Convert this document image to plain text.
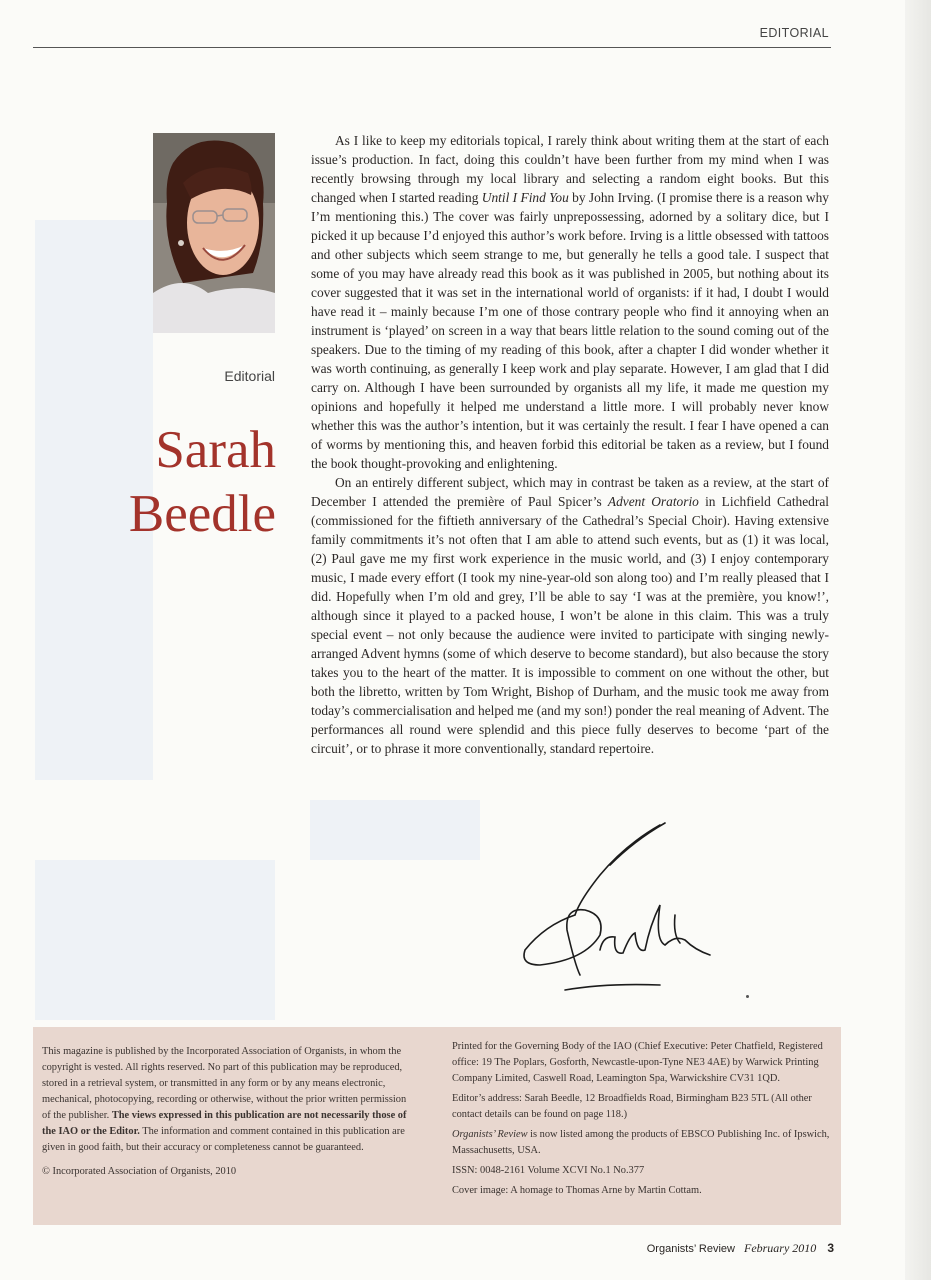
EDITORIAL
Editorial
Sarah
Beedle

As I like to keep my editorials topical, I rarely think about writing them at the start of each issue’s production. In fact, doing this couldn’t have been further from my mind when I was recently browsing through my local library and selecting a random eight books. But this changed when I started reading Until I Find You by John Irving. (I promise there is a reason why I’m mentioning this.) The cover was fairly unprepossessing, adorned by a solitary dice, but I picked it up because I’d enjoyed this author’s work before. Irving is a little obsessed with tattoos and other subjects which seem strange to me, but generally he tells a good tale. I suspect that some of you may have already read this book as it was published in 2005, but nothing about its cover suggested that it was set in the international world of organists: if it had, I doubt I would have read it – mainly because I’m one of those contrary people who find it annoying when an instrument is ‘played’ on screen in a way that bears little relation to the sound coming out of the speakers. Due to the timing of my reading of this book, after a chapter I did wonder whether it was worth continuing, as generally I keep work and play separate. However, I am glad that I did carry on. Although I have been surrounded by organists all my life, it made me question my opinions and hopefully it helped me understand a little more. I will probably never know whether this was the author’s intention, but it was certainly the result. I fear I have opened a can of worms by mentioning this, and heaven forbid this editorial be taken as a review, but I found the book thought-provoking and enlightening.

On an entirely different subject, which may in contrast be taken as a review, at the start of December I attended the première of Paul Spicer’s Advent Oratorio in Lichfield Cathedral (commissioned for the fiftieth anniversary of the Cathedral’s Special Choir). Having extensive family commitments it’s not often that I am able to attend such events, but as (1) it was local, (2) Paul gave me my first work experience in the music world, and (3) I enjoy contemporary music, I made every effort (I took my nine-year-old son along too) and I’m really pleased that I did. Hopefully when I’m old and grey, I’ll be able to say ‘I was at the première, you know!’, although since it played to a packed house, I won’t be alone in this claim. This was a truly special event – not only because the audience were invited to participate with singing newly-arranged Advent hymns (some of which deserve to become standard), but also because the story takes you to the heart of the matter. It is impossible to comment on one without the other, but both the libretto, written by Tom Wright, Bishop of Durham, and the music took me away from today’s commercialisation and helped me (and my son!) ponder the real meaning of Advent. The performances all round were splendid and this piece fully deserves to become ‘part of the circuit’, or to phrase it more conventionally, standard repertoire.

This magazine is published by the Incorporated Association of Organists, in whom the copyright is vested. All rights reserved. No part of this publication may be reproduced, stored in a retrieval system, or transmitted in any form or by any means electronic, mechanical, photocopying, recording or otherwise, without the prior written permission of the publisher. The views expressed in this publication are not necessarily those of the IAO or the Editor. The information and comment contained in this publication are given in good faith, but their accuracy or completeness cannot be guaranteed.

© Incorporated Association of Organists, 2010

Printed for the Governing Body of the IAO (Chief Executive: Peter Chatfield, Registered office: 19 The Poplars, Gosforth, Newcastle-upon-Tyne NE3 4AE) by Warwick Printing Company Limited, Caswell Road, Leamington Spa, Warwickshire CV31 1QD.

Editor’s address: Sarah Beedle, 12 Broadfields Road, Birmingham B23 5TL (All other contact details can be found on page 118.)

Organists’ Review is now listed among the products of EBSCO Publishing Inc. of Ipswich, Massachusetts, USA.

ISSN: 0048-2161 Volume XCVI No.1 No.377

Cover image: A homage to Thomas Arne by Martin Cottam.

Organists’ Review February 2010 3
